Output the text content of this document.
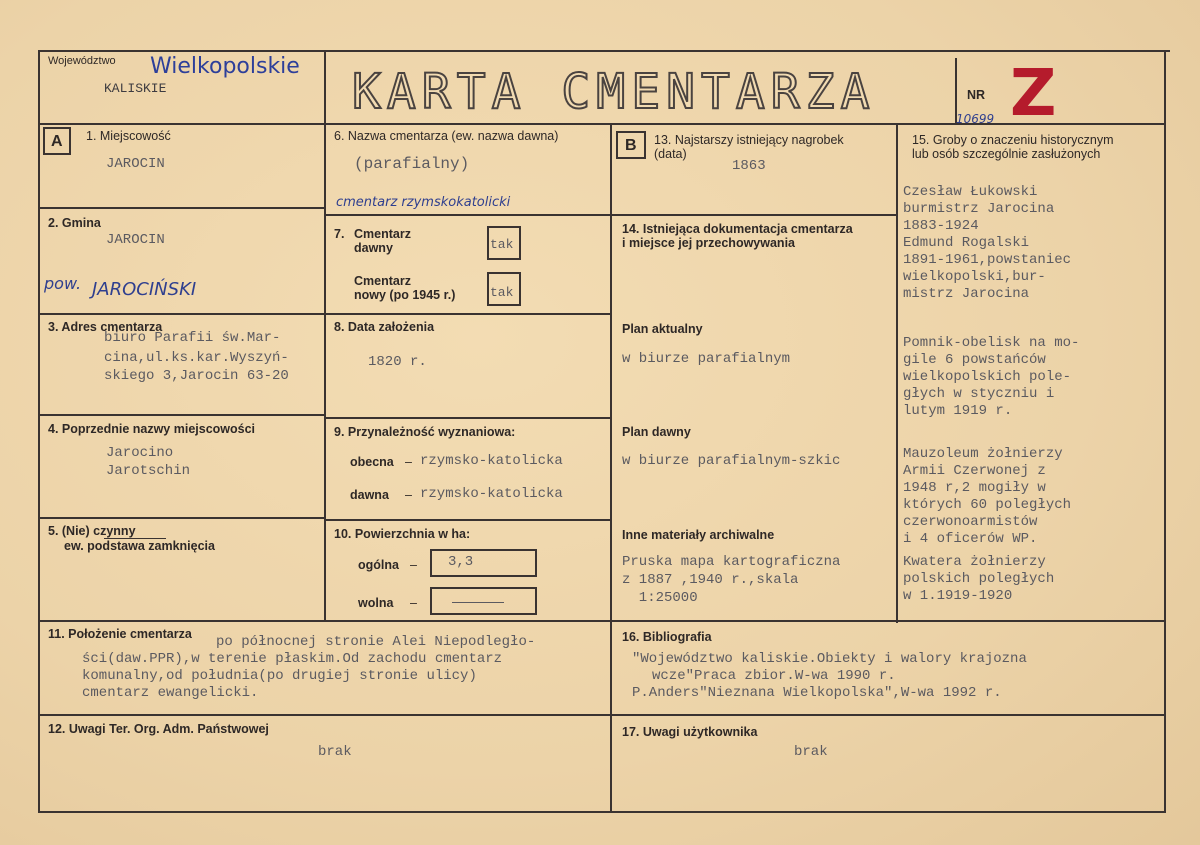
Województwo Wielkopolskie
KALISKIE	KARTA CMENTARZA	NR Z
10699
A 1. Miejscowość
JAROCIN
2. Gmina
JAROCIN
pow. JAROCIŃSKI
3. Adres cmentarza
biuro Parafii św.Mar-
cina,ul.ks.kar.Wyszyń-
skiego 3,Jarocin 63-20
4. Poprzednie nazwy miejscowości
Jarocino
Jarotschin
5. (Nie) czynny
ew. podstawa zamknięcia
6. Nazwa cmentarza (ew. nazwa dawna)
(parafialny)
cmentarz rzymskokatolicki
7. Cmentarz
dawny	tak
Cmentarz
nowy (po 1945 r.)	tak
8. Data założenia
1820 r.
9. Przynależność wyznaniowa:
obecna – rzymsko-katolicka
dawna – rzymsko-katolicka
10. Powierzchnia w ha:
ogólna – 3,3
wolna –
B 13. Najstarszy istniejący nagrobek
(data)
1863
14. Istniejąca dokumentacja cmentarza
i miejsce jej przechowywania
Plan aktualny
w biurze parafialnym
Plan dawny
w biurze parafialnym-szkic
Inne materiały archiwalne
Pruska mapa kartograficzna
z 1887 ,1940 r.,skala
1:25000
15. Groby o znaczeniu historycznym
lub osób szczególnie zasłużonych
Czesław Łukowski
burmistrz Jarocina
1883-1924
Edmund Rogalski
1891-1961,powstaniec
wielkopolski,bur-
mistrz Jarocina
Pomnik-obelisk na mo-
gile 6 powstańców
wielkopolskich pole-
głych w styczniu i
lutym 1919 r.
Mauzoleum żołnierzy
Armii Czerwonej z
1948 r,2 mogiły w
których 60 poległych
czerwonoarmistów
i 4 oficerów WP.
Kwatera żołnierzy
polskich poległych
w 1.1919-1920
11. Położenie cmentarza po północnej stronie Alei Niepodległo-
ści(daw.PPR),w terenie płaskim.Od zachodu cmentarz
komunalny,od południa(po drugiej stronie ulicy)
cmentarz ewangelicki.
16. Bibliografia
"Województwo kaliskie.Obiekty i walory krajozna
wcze"Praca zbior.W-wa 1990 r.
P.Anders"Nieznana Wielkopolska",W-wa 1992 r.
12. Uwagi Ter. Org. Adm. Państwowej
brak
17. Uwagi użytkownika
brak
